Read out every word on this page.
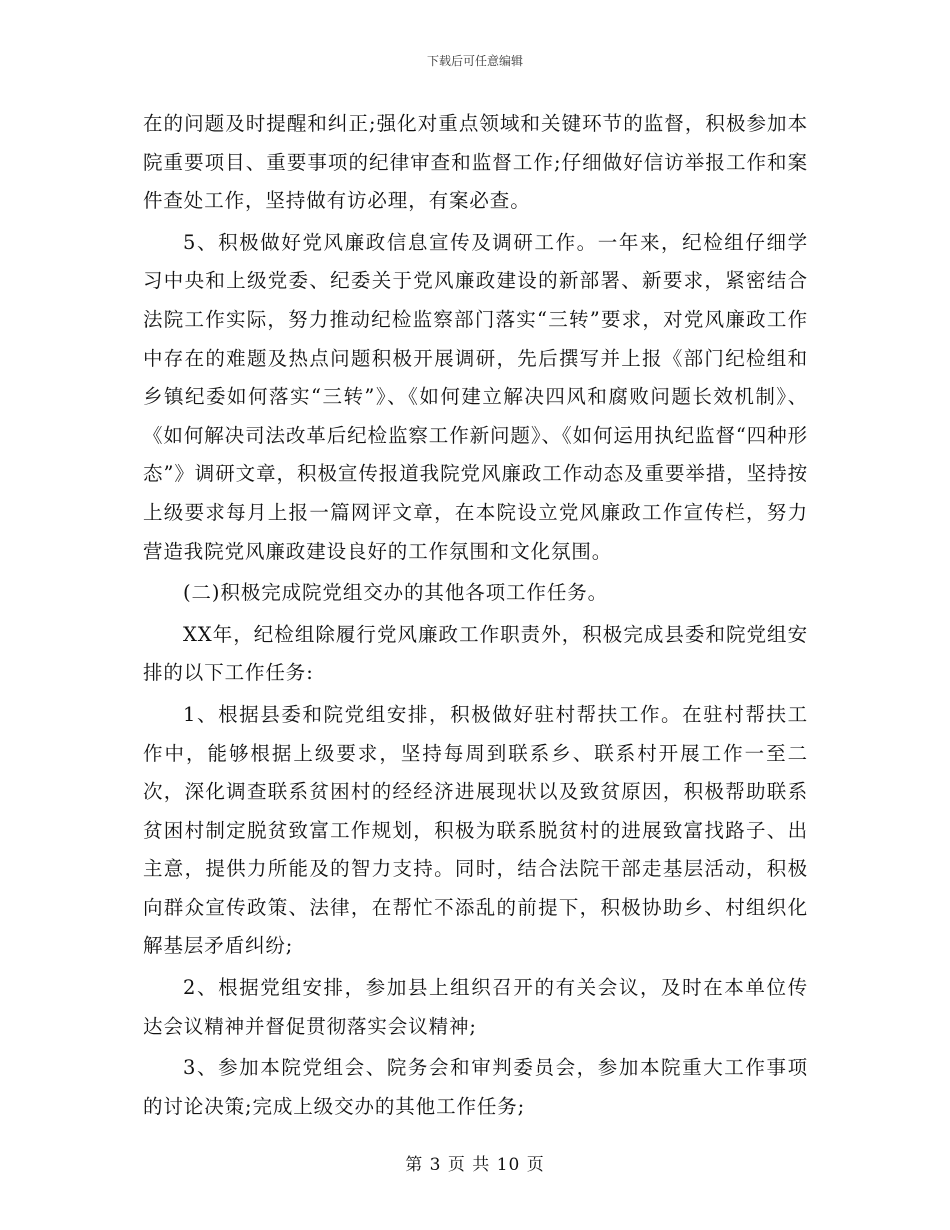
下载后可任意编辑

在的问题及时提醒和纠正;强化对重点领域和关键环节的监督，积极参加本院重要项目、重要事项的纪律审查和监督工作;仔细做好信访举报工作和案件查处工作，坚持做有访必理，有案必查。

5、积极做好党风廉政信息宣传及调研工作。一年来，纪检组仔细学习中央和上级党委、纪委关于党风廉政建设的新部署、新要求，紧密结合法院工作实际，努力推动纪检监察部门落实“三转”要求，对党风廉政工作中存在的难题及热点问题积极开展调研，先后撰写并上报《部门纪检组和乡镇纪委如何落实“三转”》、《如何建立解决四风和腐败问题长效机制》、《如何解决司法改革后纪检监察工作新问题》、《如何运用执纪监督“四种形态”》调研文章，积极宣传报道我院党风廉政工作动态及重要举措，坚持按上级要求每月上报一篇网评文章，在本院设立党风廉政工作宣传栏，努力营造我院党风廉政建设良好的工作氛围和文化氛围。

(二)积极完成院党组交办的其他各项工作任务。

XX年，纪检组除履行党风廉政工作职责外，积极完成县委和院党组安排的以下工作任务:

1、根据县委和院党组安排，积极做好驻村帮扶工作。在驻村帮扶工作中，能够根据上级要求，坚持每周到联系乡、联系村开展工作一至二次，深化调查联系贫困村的经经济进展现状以及致贫原因，积极帮助联系贫困村制定脱贫致富工作规划，积极为联系脱贫村的进展致富找路子、出主意，提供力所能及的智力支持。同时，结合法院干部走基层活动，积极向群众宣传政策、法律，在帮忙不添乱的前提下，积极协助乡、村组织化解基层矛盾纠纷;

2、根据党组安排，参加县上组织召开的有关会议，及时在本单位传达会议精神并督促贯彻落实会议精神;

3、参加本院党组会、院务会和审判委员会，参加本院重大工作事项的讨论决策;完成上级交办的其他工作任务;

第 3 页 共 10 页
